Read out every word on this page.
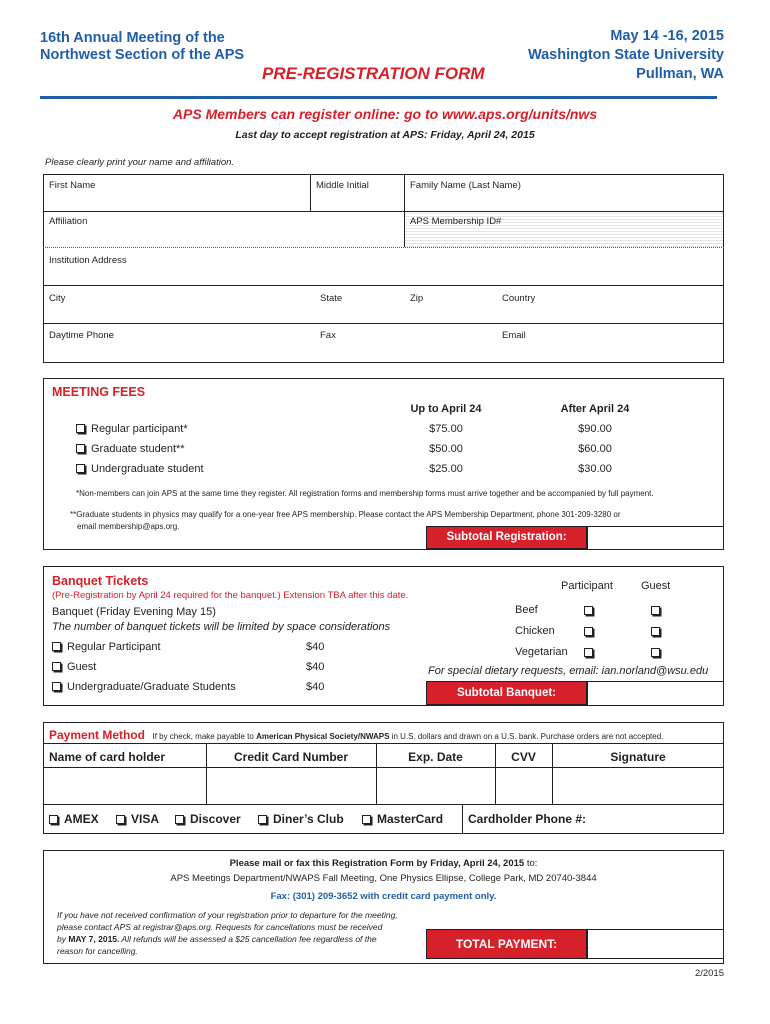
16th Annual Meeting of the
Northwest Section of the APS
May 14 -16, 2015
Washington State University
Pullman, WA
PRE-REGISTRATION FORM
APS Members can register online: go to www.aps.org/units/nws
Last day to accept registration at APS: Friday, April 24, 2015
Please clearly print your name and affiliation.
First Name	Middle Initial	Family Name (Last Name)
Affiliation	APS Membership ID#
Institution Address
City	State	Zip	Country
Daytime Phone	Fax	Email
MEETING FEES
Up to April 24	After April 24
Regular participant*	$75.00	$90.00
Graduate student**	$50.00	$60.00
Undergraduate student	$25.00	$30.00
*Non-members can join APS at the same time they register. All registration forms and membership forms must arrive together and be accompanied by full payment.
**Graduate students in physics may qualify for a one-year free APS membership. Please contact the APS Membership Department, phone 301-209-3280 or
email membership@aps.org.
Subtotal Registration:
Banquet Tickets
(Pre-Registration by April 24 required for the banquet.) Extension TBA after this date.
Participant	Guest
Banquet (Friday Evening May 15)
The number of banquet tickets will be limited by space considerations
Beef
Chicken
Vegetarian
Regular Participant	$40
Guest	$40
Undergraduate/Graduate Students	$40
For special dietary requests, email: ian.norland@wsu.edu
Subtotal Banquet:
Payment Method If by check, make payable to American Physical Society/NWAPS in U.S. dollars and drawn on a U.S. bank. Purchase orders are not accepted.
Name of card holder	Credit Card Number	Exp. Date	CVV	Signature
AMEX	VISA	Discover	Diner’s Club	MasterCard Cardholder Phone #:
Please mail or fax this Registration Form by Friday, April 24, 2015 to:
APS Meetings Department/NWAPS Fall Meeting, One Physics Ellipse, College Park, MD 20740-3844
Fax: (301) 209-3652 with credit card payment only.
If you have not received confirmation of your registration prior to departure for the meeting,
please contact APS at registrar@aps.org. Requests for cancellations must be received
by MAY 7, 2015. All refunds will be assessed a $25 cancellation fee regardless of the
reason for cancelling.	TOTAL PAYMENT:
2/2015
